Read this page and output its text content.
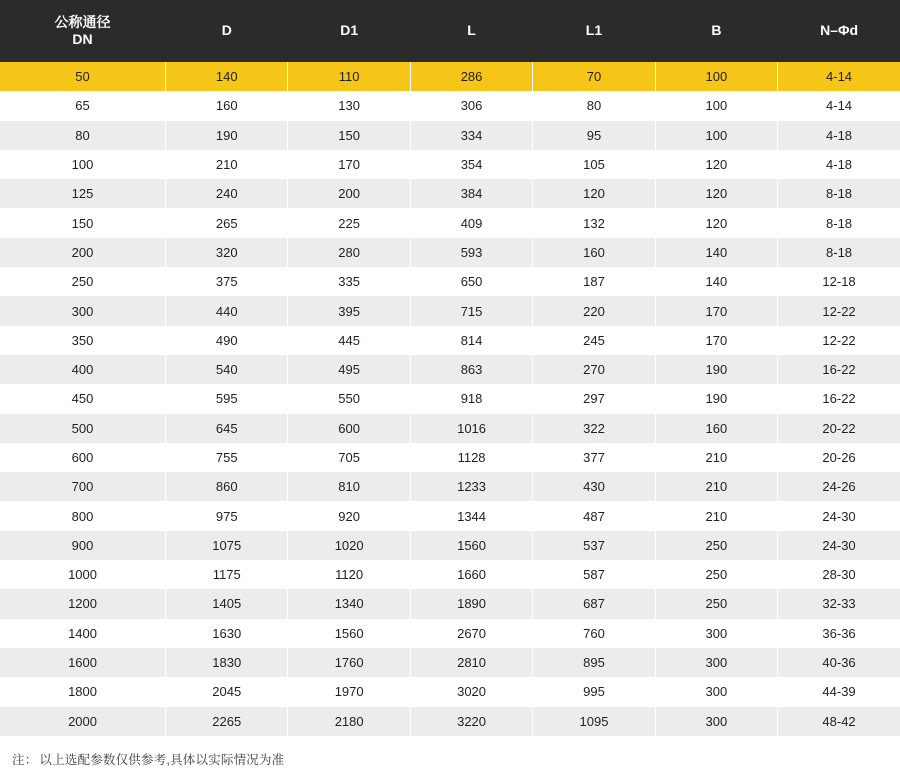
公称通径
DN	D	D1	L	L1	B	N–Φd

50	140	110	286	70	100	4-14
65	160	130	306	80	100	4-14
80	190	150	334	95	100	4-18
100	210	170	354	105	120	4-18
125	240	200	384	120	120	8-18
150	265	225	409	132	120	8-18
200	320	280	593	160	140	8-18
250	375	335	650	187	140	12-18
300	440	395	715	220	170	12-22
350	490	445	814	245	170	12-22
400	540	495	863	270	190	16-22
450	595	550	918	297	190	16-22
500	645	600	1016	322	160	20-22
600	755	705	1128	377	210	20-26
700	860	810	1233	430	210	24-26
800	975	920	1344	487	210	24-30
900	1075	1020	1560	537	250	24-30
1000	1175	1120	1660	587	250	28-30
1200	1405	1340	1890	687	250	32-33
1400	1630	1560	2670	760	300	36-36
1600	1830	1760	2810	895	300	40-36
1800	2045	1970	3020	995	300	44-39
2000	2265	2180	3220	1095	300	48-42
注： 以上选配参数仅供参考,具体以实际情况为准
